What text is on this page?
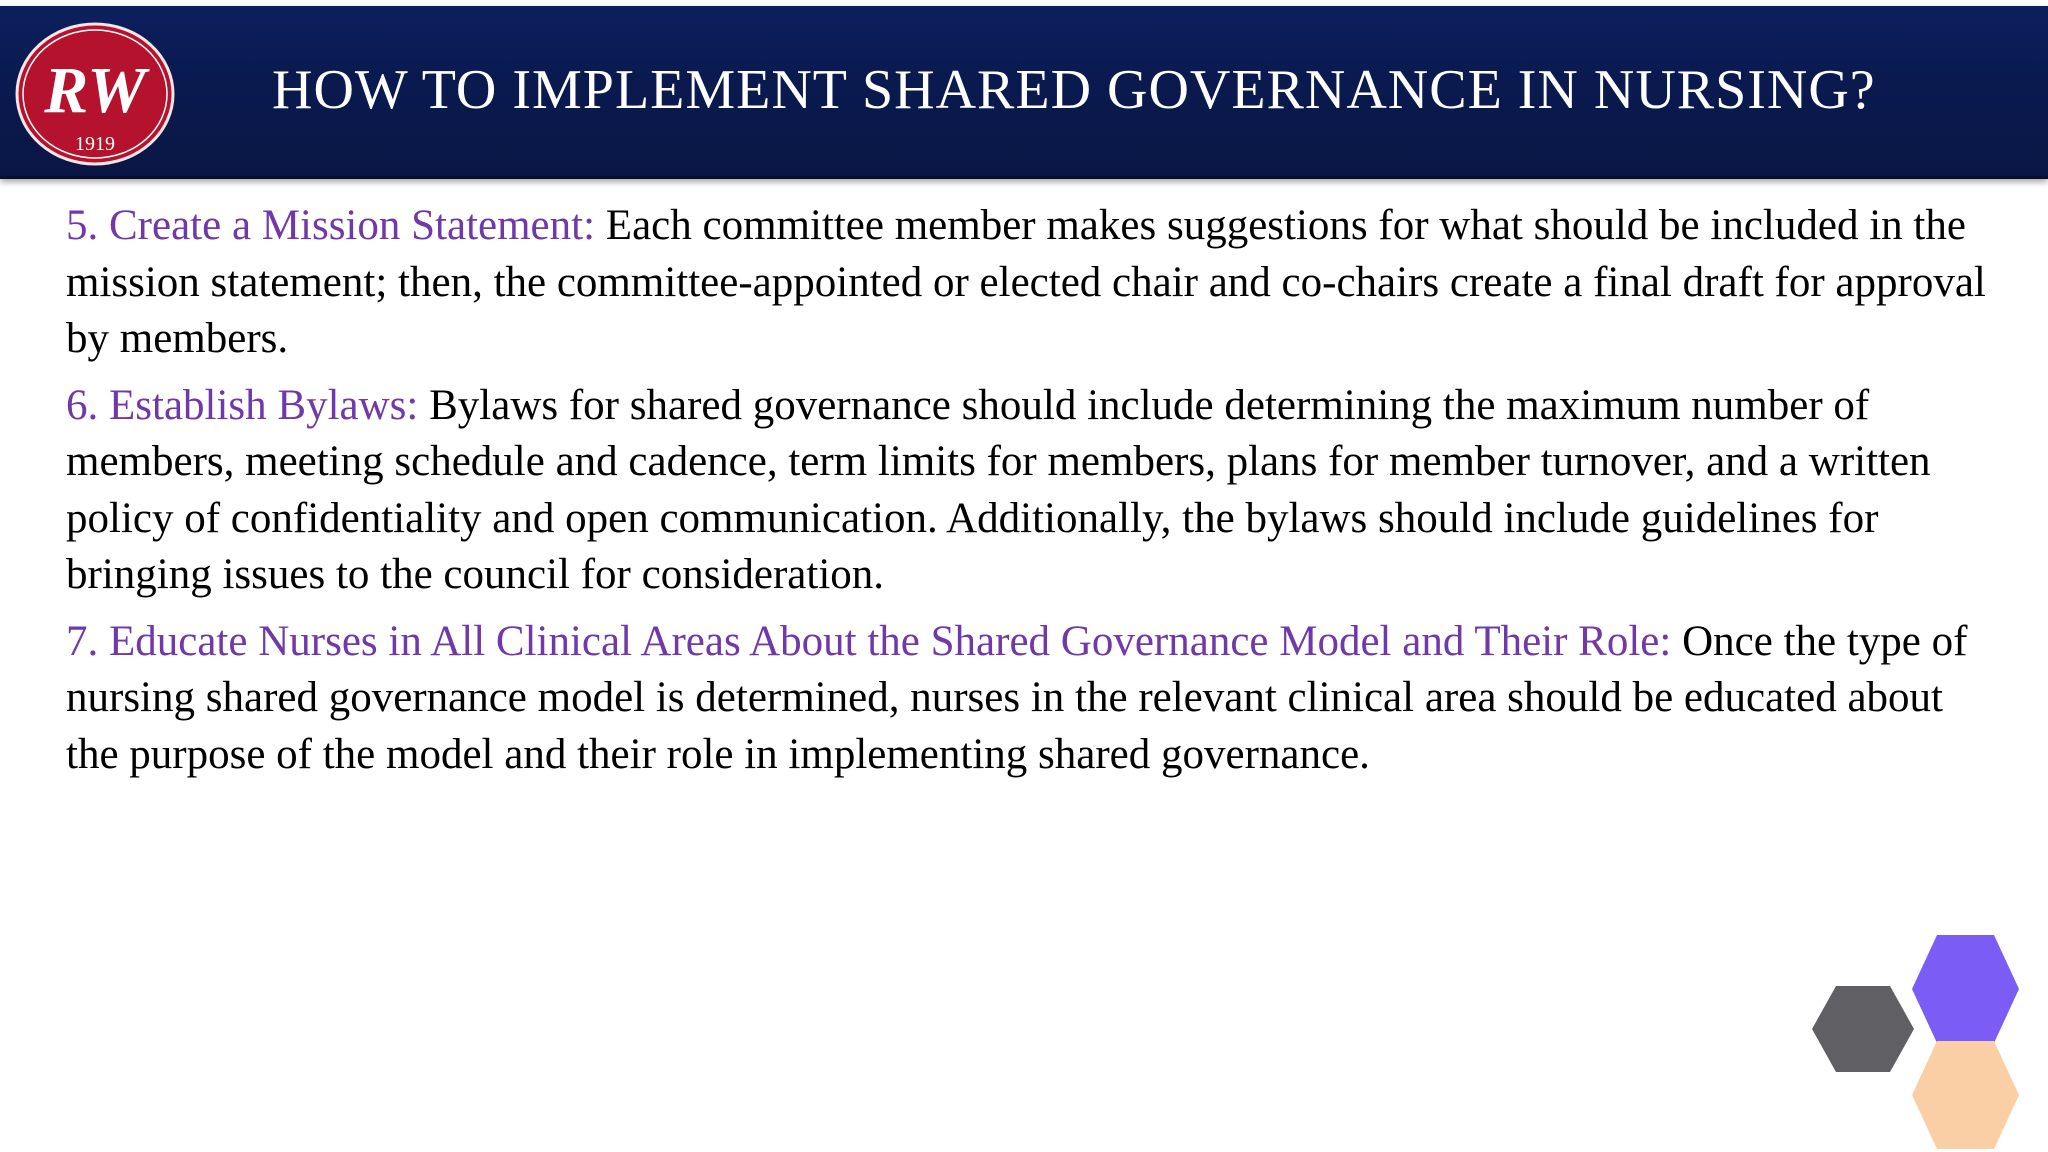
RW
1919
HOW TO IMPLEMENT SHARED GOVERNANCE IN NURSING?

5. Create a Mission Statement: Each committee member makes suggestions for what should be included in the mission statement; then, the committee-appointed or elected chair and co-chairs create a final draft for approval by members.

6. Establish Bylaws: Bylaws for shared governance should include determining the maximum number of members, meeting schedule and cadence, term limits for members, plans for member turnover, and a written policy of confidentiality and open communication. Additionally, the bylaws should include guidelines for bringing issues to the council for consideration.

7. Educate Nurses in All Clinical Areas About the Shared Governance Model and Their Role: Once the type of nursing shared governance model is determined, nurses in the relevant clinical area should be educated about the purpose of the model and their role in implementing shared governance.
